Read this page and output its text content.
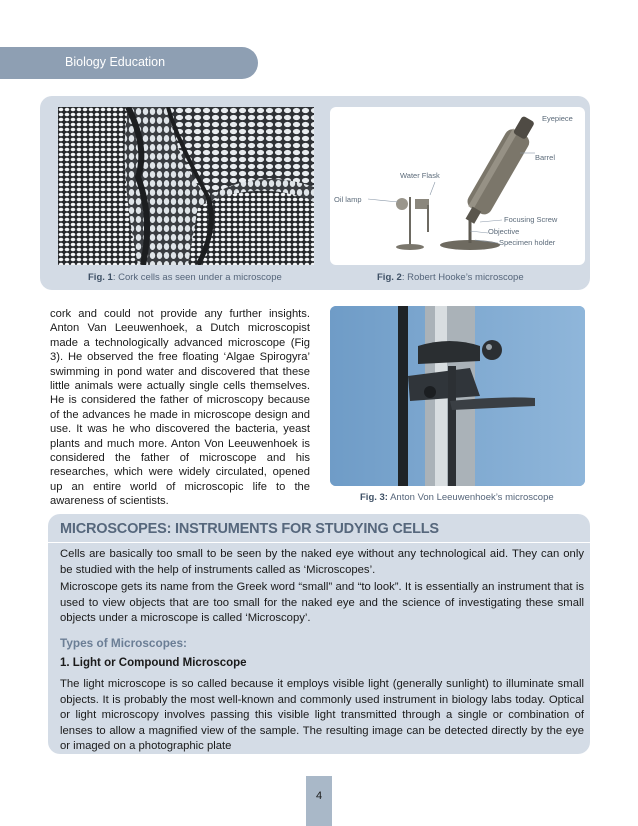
Biology Education
Eyepiece
Barrel
Water Flask
Oil lamp
Focusing Screw
Objective
Specimen holder
Fig. 1: Cork cells as seen under a microscope	Fig. 2: Robert Hooke’s microscope
cork and could not provide any further insights. Anton Van Leeuwenhoek, a Dutch microscopist made a technologically advanced microscope (Fig 3). He observed the free floating ‘Algae Spirogyra’ swimming in pond water and discovered that these little animals were actually single cells themselves. He is considered the father of microscopy because of the advances he made in microscope design and use. It was he who discovered the bacteria, yeast plants and much more. Anton Von Leeuwenhoek is considered the father of microscope and his researches, which were widely circulated, opened up an entire world of microscopic life to the awareness of scientists.	Fig. 3: Anton Von Leeuwenhoek’s microscope
MICROSCOPES: INSTRUMENTS FOR STUDYING CELLS
Cells are basically too small to be seen by the naked eye without any technological aid. They can only be studied with the help of instruments called as ‘Microscopes’.
Microscope gets its name from the Greek word “small” and “to look”. It is essentially an instrument that is used to view objects that are too small for the naked eye and the science of investigating these small objects under a microscope is called ‘Microscopy’.
Types of Microscopes:
1. Light or Compound Microscope
The light microscope is so called because it employs visible light (generally sunlight) to illuminate small objects. It is probably the most well-known and commonly used instrument in biology labs today. Optical or light microscopy involves passing this visible light transmitted through a single or combination of lenses to allow a magnified view of the sample. The resulting image can be detected directly by the eye or imaged on a photographic plate
4
